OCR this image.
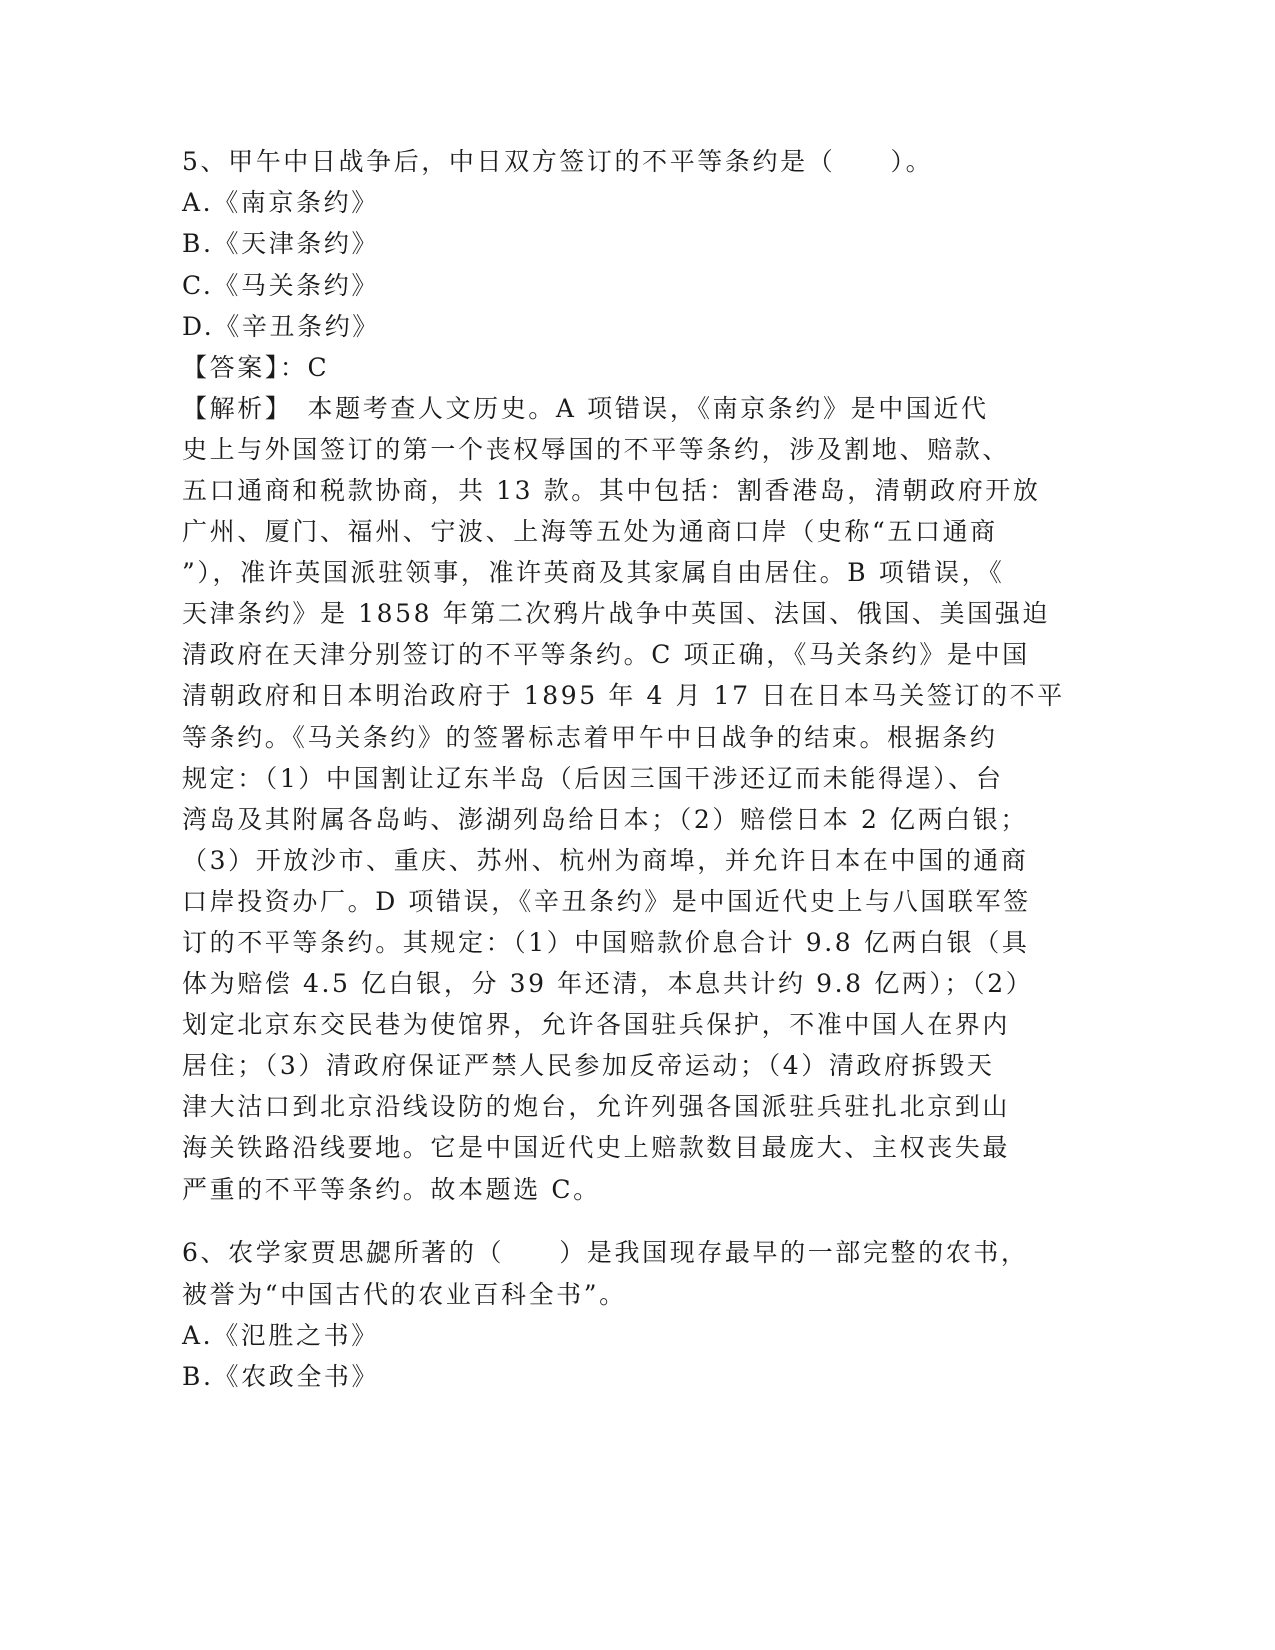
5、甲午中日战争后，中日双方签订的不平等条约是（　　）。
A.《南京条约》
B.《天津条约》
C.《马关条约》
D.《辛丑条约》
【答案】：C
【解析】　本题考查人文历史。A 项错误，《南京条约》是中国近代
史上与外国签订的第一个丧权辱国的不平等条约，涉及割地、赔款、
五口通商和税款协商，共 13 款。其中包括：割香港岛，清朝政府开放
广州、厦门、福州、宁波、上海等五处为通商口岸（史称“五口通商
”），准许英国派驻领事，准许英商及其家属自由居住。B 项错误，《
天津条约》是 1858 年第二次鸦片战争中英国、法国、俄国、美国强迫
清政府在天津分别签订的不平等条约。C 项正确，《马关条约》是中国
清朝政府和日本明治政府于 1895 年 4 月 17 日在日本马关签订的不平
等条约。《马关条约》的签署标志着甲午中日战争的结束。根据条约
规定：（1）中国割让辽东半岛（后因三国干涉还辽而未能得逞）、台
湾岛及其附属各岛屿、澎湖列岛给日本；（2）赔偿日本 2 亿两白银；
（3）开放沙市、重庆、苏州、杭州为商埠，并允许日本在中国的通商
口岸投资办厂。D 项错误，《辛丑条约》是中国近代史上与八国联军签
订的不平等条约。其规定：（1）中国赔款价息合计 9.8 亿两白银（具
体为赔偿 4.5 亿白银，分 39 年还清，本息共计约 9.8 亿两）；（2）
划定北京东交民巷为使馆界，允许各国驻兵保护，不准中国人在界内
居住；（3）清政府保证严禁人民参加反帝运动；（4）清政府拆毁天
津大沽口到北京沿线设防的炮台，允许列强各国派驻兵驻扎北京到山
海关铁路沿线要地。它是中国近代史上赔款数目最庞大、主权丧失最
严重的不平等条约。故本题选 C。
6、农学家贾思勰所著的（　　）是我国现存最早的一部完整的农书，
被誉为“中国古代的农业百科全书”。
A.《氾胜之书》
B.《农政全书》
